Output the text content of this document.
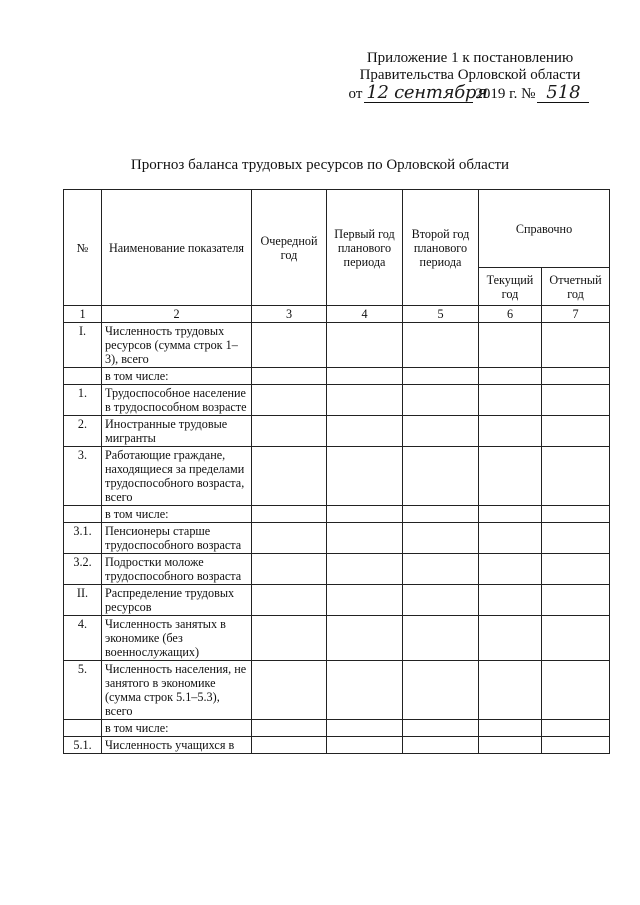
Приложение 1 к постановлению
Правительства Орловской области
от 12 сентября
2019 г. № 518
Прогноз баланса трудовых ресурсов по Орловской области
№	Наименование показателя	Очередной год	Первый год планового периода	Второй год планового периода	Справочно	
					Текущий год	Отчетный год
1	2	3	4	5	6	7
I.	Численность трудовых ресурсов (сумма строк 1–3), всего					
	в том числе:					
1.	Трудоспособное население в трудоспособном возрасте					
2.	Иностранные трудовые мигранты					
3.	Работающие граждане, находящиеся за пределами трудоспособного возраста, всего					
	в том числе:					
3.1.	Пенсионеры старше трудоспособного возраста					
3.2.	Подростки моложе трудоспособного возраста					
II.	Распределение трудовых ресурсов					
4.	Численность занятых в экономике (без военнослужащих)					
5.	Численность населения, не занятого в экономике (сумма строк 5.1–5.3), всего					
	в том числе:					
5.1.	Численность учащихся в					
